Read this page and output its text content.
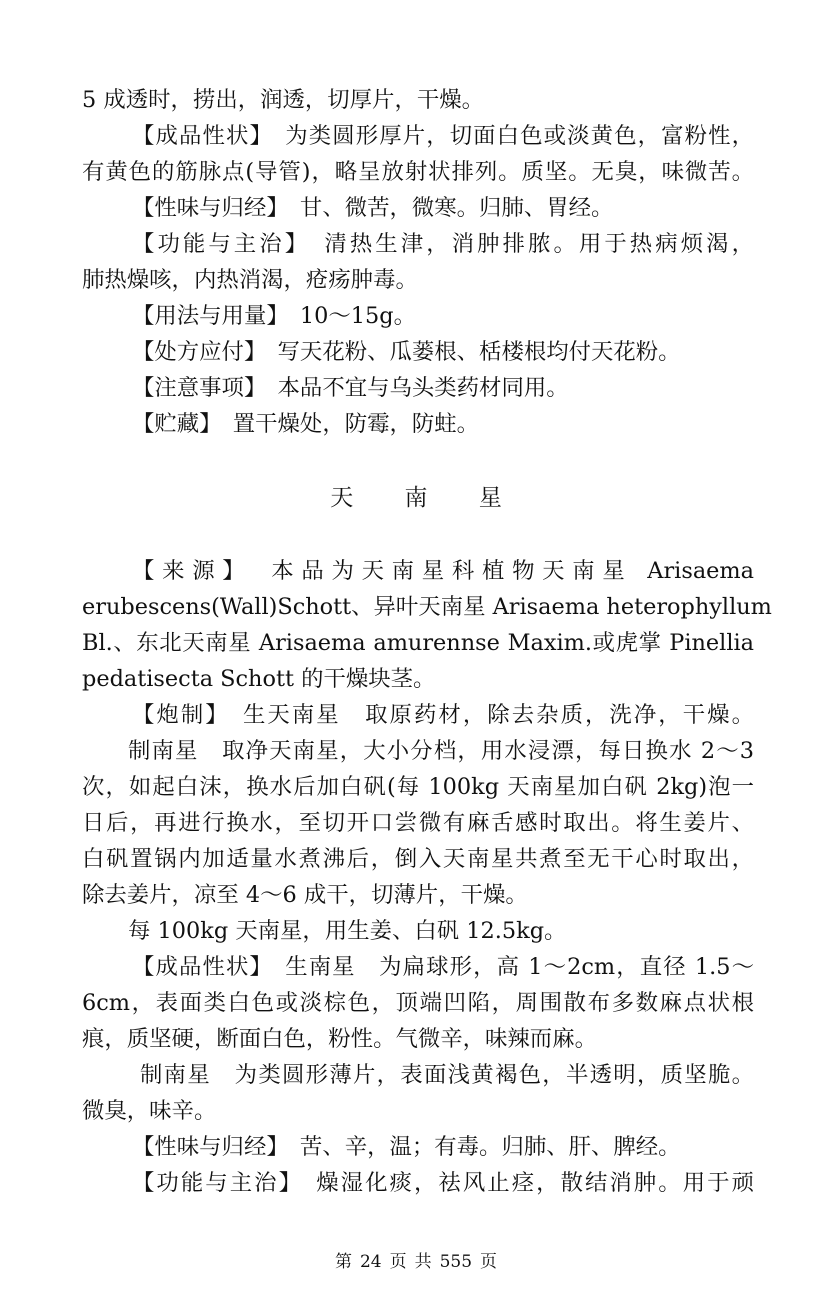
5 成透时，捞出，润透，切厚片，干燥。
【成品性状】　为类圆形厚片，切面白色或淡黄色，富粉性，
有黄色的筋脉点(导管)，略呈放射状排列。质坚。无臭，味微苦。
【性味与归经】　甘、微苦，微寒。归肺、胃经。
【功能与主治】　清热生津，消肿排脓。用于热病烦渴，
肺热燥咳，内热消渴，疮疡肿毒。
【用法与用量】　10～15g。
【处方应付】　写天花粉、瓜蒌根、栝楼根均付天花粉。
【注意事项】　本品不宜与乌头类药材同用。
【贮藏】　置干燥处，防霉，防蛀。
天 南 星
【来源】　本品为天南星科植物天南星 Arisaema
erubescens(Wall)Schott、异叶天南星 Arisaema heterophyllum
Bl.、东北天南星 Arisaema amurennse Maxim.或虎掌 Pinellia
pedatisecta Schott 的干燥块茎。
【炮制】　生天南星　取原药材，除去杂质，洗净，干燥。
制南星　取净天南星，大小分档，用水浸漂，每日换水 2～3
次，如起白沫，换水后加白矾(每 100kg 天南星加白矾 2kg)泡一
日后，再进行换水，至切开口尝微有麻舌感时取出。将生姜片、
白矾置锅内加适量水煮沸后，倒入天南星共煮至无干心时取出，
除去姜片，凉至 4～6 成干，切薄片，干燥。
每 100kg 天南星，用生姜、白矾 12.5kg。
【成品性状】　生南星　为扁球形，高 1～2cm，直径 1.5～
6cm，表面类白色或淡棕色，顶端凹陷，周围散布多数麻点状根
痕，质坚硬，断面白色，粉性。气微辛，味辣而麻。
制南星　为类圆形薄片，表面浅黄褐色，半透明，质坚脆。
微臭，味辛。
【性味与归经】　苦、辛，温；有毒。归肺、肝、脾经。
【功能与主治】　燥湿化痰，祛风止痉，散结消肿。用于顽
第 24 页 共 555 页
